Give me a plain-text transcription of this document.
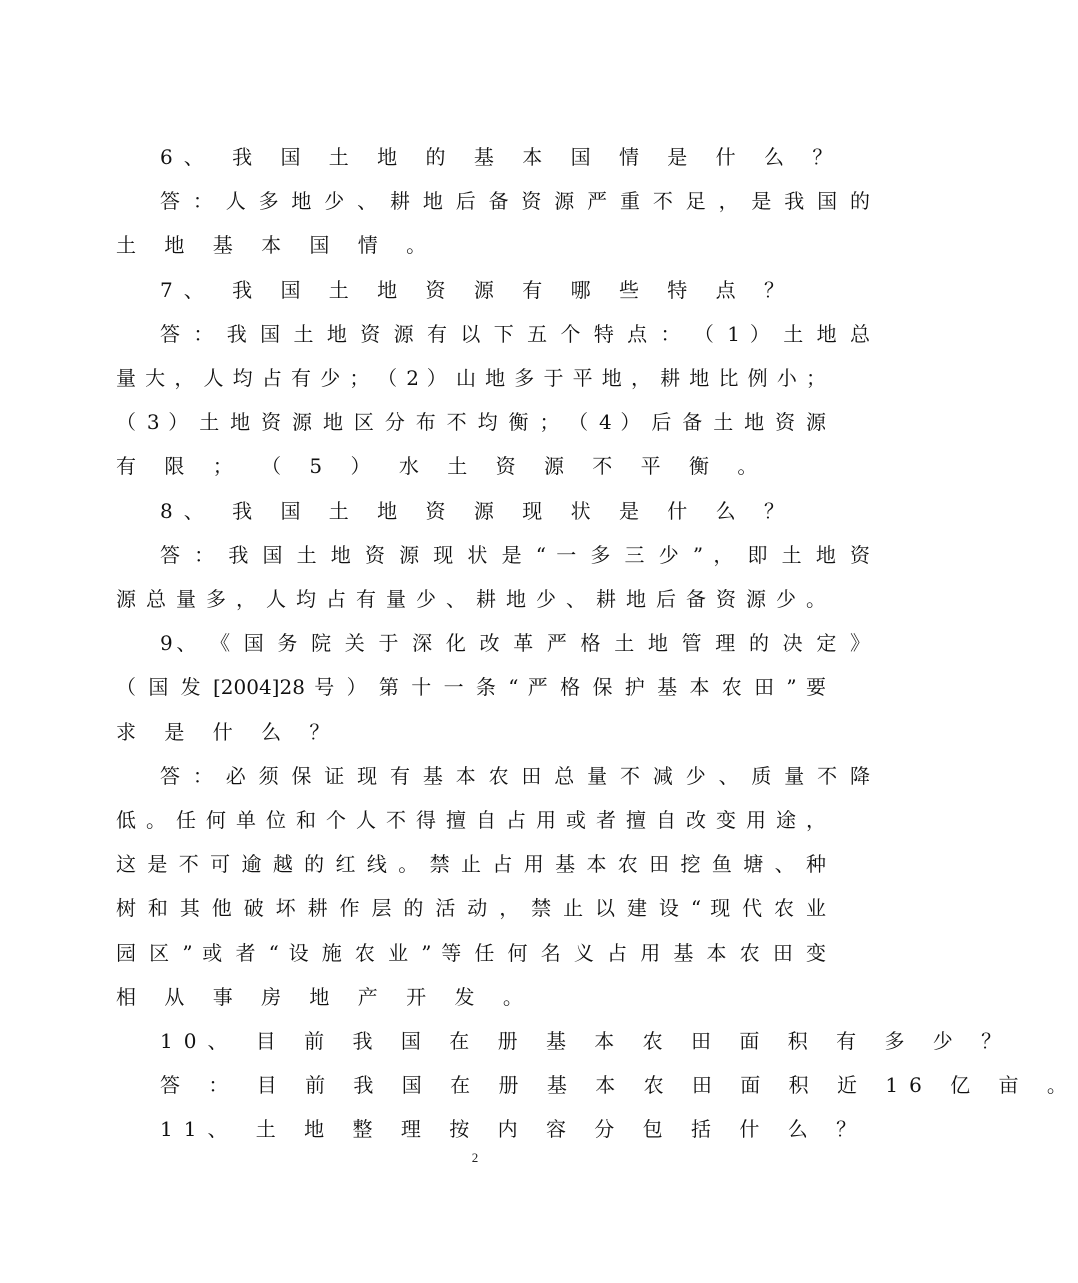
6、 我 国 土 地 的 基 本 国 情 是 什 么 ？
答 ： 人 多 地 少 、 耕 地 后 备 资 源 严 重 不 足 ， 是 我 国 的
土 地 基 本 国 情 。
7、 我 国 土 地 资 源 有 哪 些 特 点 ？
答 ： 我 国 土 地 资 源 有 以 下 五 个 特 点 ： （ 1 ） 土 地 总
量 大 ， 人 均 占 有 少 ； （ 2 ） 山 地 多 于 平 地 ， 耕 地 比 例 小 ；
（ 3 ） 土 地 资 源 地 区 分 布 不 均 衡 ； （ 4 ） 后 备 土 地 资 源
有 限 ； （ 5 ） 水 土 资 源 不 平 衡 。
8、 我 国 土 地 资 源 现 状 是 什 么 ？
答 ： 我 国 土 地 资 源 现 状 是 “ 一 多 三 少 ” ， 即 土 地 资
源 总 量 多 ， 人 均 占 有 量 少 、 耕 地 少 、 耕 地 后 备 资 源 少 。
9、 《 国 务 院 关 于 深 化 改 革 严 格 土 地 管 理 的 决 定 》
（ 国 发 [2004]28 号 ） 第 十 一 条 “ 严 格 保 护 基 本 农 田 ” 要
求 是 什 么 ？
答 ： 必 须 保 证 现 有 基 本 农 田 总 量 不 减 少 、 质 量 不 降
低 。 任 何 单 位 和 个 人 不 得 擅 自 占 用 或 者 擅 自 改 变 用 途 ，
这 是 不 可 逾 越 的 红 线 。 禁 止 占 用 基 本 农 田 挖 鱼 塘 、 种
树 和 其 他 破 坏 耕 作 层 的 活 动 ， 禁 止 以 建 设 “ 现 代 农 业
园 区 ” 或 者 “ 设 施 农 业 ” 等 任 何 名 义 占 用 基 本 农 田 变
相 从 事 房 地 产 开 发 。
10、 目 前 我 国 在 册 基 本 农 田 面 积 有 多 少 ？
答 ： 目 前 我 国 在 册 基 本 农 田 面 积 近 16 亿 亩 。
11、 土 地 整 理 按 内 容 分 包 括 什 么 ？
2
